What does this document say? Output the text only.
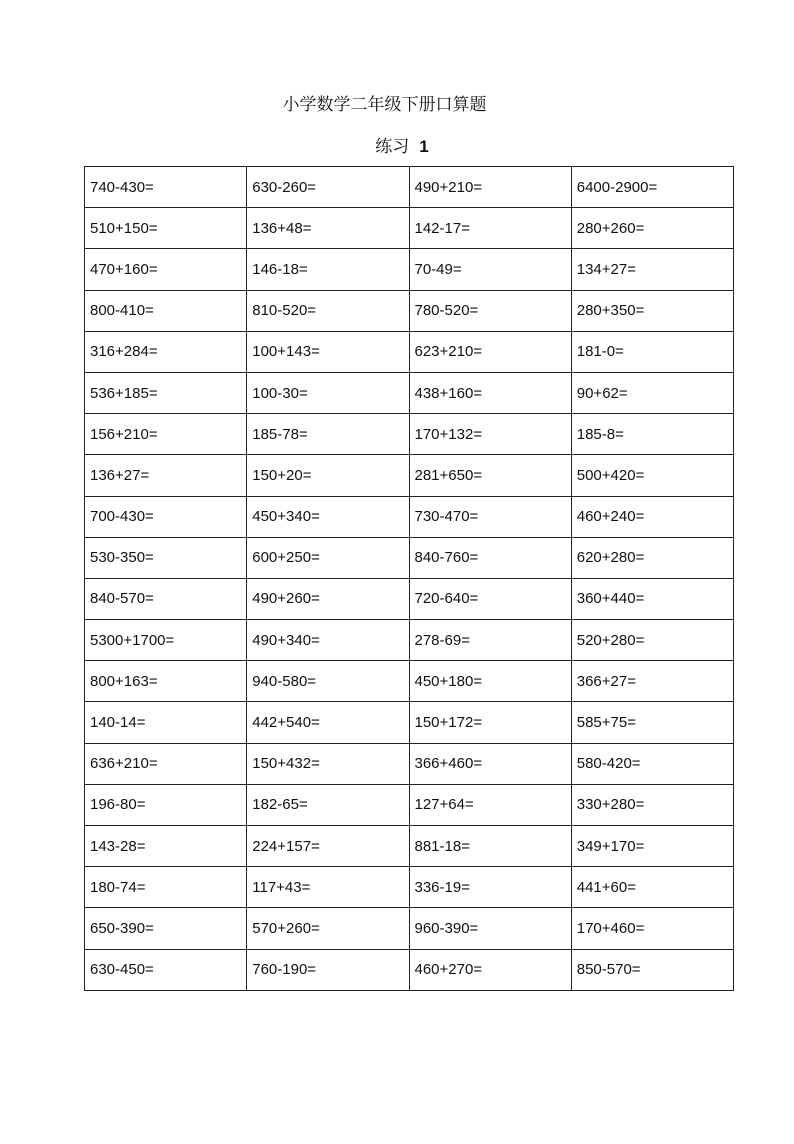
小学数学二年级下册口算题
练习 1
740-430=	630-260=	490+210=	6400-2900=
510+150=	136+48=	142-17=	280+260=
470+160=	146-18=	70-49=	134+27=
800-410=	810-520=	780-520=	280+350=
316+284=	100+143=	623+210=	181-0=
536+185=	100-30=	438+160=	90+62=
156+210=	185-78=	170+132=	185-8=
136+27=	150+20=	281+650=	500+420=
700-430=	450+340=	730-470=	460+240=
530-350=	600+250=	840-760=	620+280=
840-570=	490+260=	720-640=	360+440=
5300+1700=	490+340=	278-69=	520+280=
800+163=	940-580=	450+180=	366+27=
140-14=	442+540=	150+172=	585+75=
636+210=	150+432=	366+460=	580-420=
196-80=	182-65=	127+64=	330+280=
143-28=	224+157=	881-18=	349+170=
180-74=	117+43=	336-19=	441+60=
650-390=	570+260=	960-390=	170+460=
630-450=	760-190=	460+270=	850-570=
